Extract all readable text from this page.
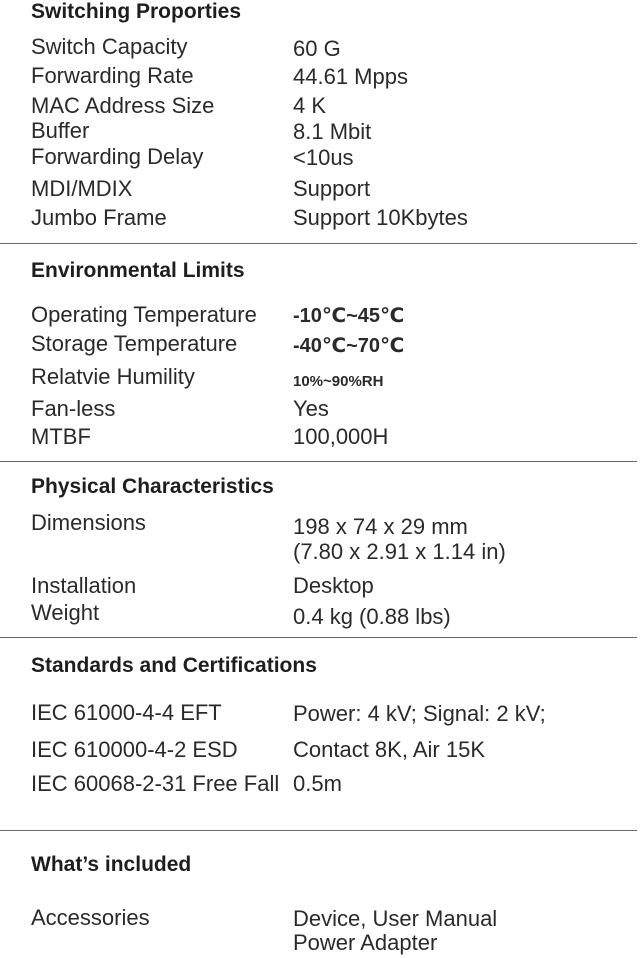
Switching Proporties
Switch Capacity	60 G
Forwarding Rate	44.61 Mpps
MAC Address Size	4 K
Buffer	8.1 Mbit
Forwarding Delay	<10us
MDI/MDIX	Support
Jumbo Frame	Support 10Kbytes
Environmental Limits
Operating Temperature -10℃~45℃
Storage Temperature	-40℃~70℃
Relatvie Humility	10%~90%RH
Fan-less	Yes
MTBF	100,000H
Physical Characteristics
Dimensions	198 x 74 x 29 mm
(7.80 x 2.91 x 1.14 in)
Installation	Desktop
Weight	0.4 kg (0.88 lbs)
Standards and Certifications
IEC 61000-4-4 EFT	Power: 4 kV; Signal: 2 kV;
IEC 610000-4-2 ESD	Contact 8K, Air 15K
IEC 60068-2-31 Free Fall 0.5m
What’s included
Accessories	Device, User Manual
Power Adapter
